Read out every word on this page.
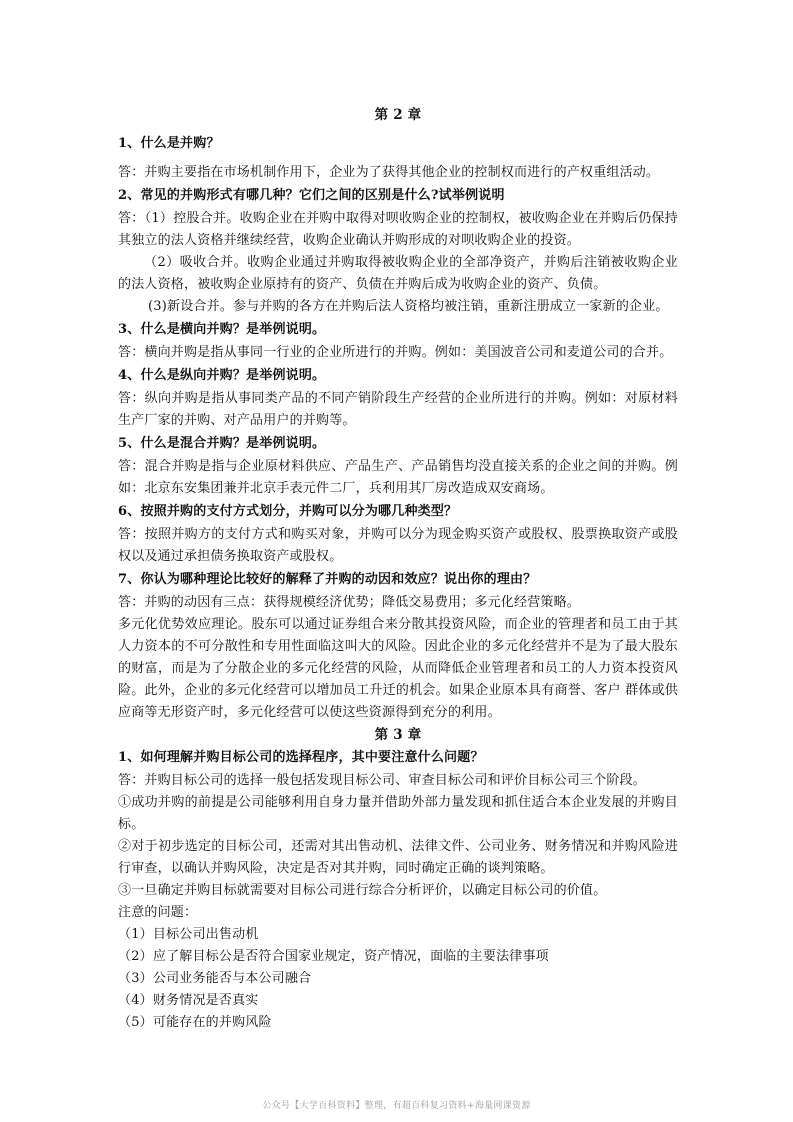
第 2 章

1、什么是并购？

答：并购主要指在市场机制作用下，企业为了获得其他企业的控制权而进行的产权重组活动。

2、常见的并购形式有哪几种？它们之间的区别是什么?试举例说明

答：（1）控股合并。收购企业在并购中取得对呗收购企业的控制权，被收购企业在并购后仍保持其独立的法人资格并继续经营，收购企业确认并购形成的对呗收购企业的投资。

（2）吸收合并。收购企业通过并购取得被收购企业的全部净资产，并购后注销被收购企业的法人资格，被收购企业原持有的资产、负债在并购后成为收购企业的资产、负债。

(3)新设合并。参与并购的各方在并购后法人资格均被注销，重新注册成立一家新的企业。

3、什么是横向并购？是举例说明。

答：横向并购是指从事同一行业的企业所进行的并购。例如：美国波音公司和麦道公司的合并。

4、什么是纵向并购？是举例说明。

答：纵向并购是指从事同类产品的不同产销阶段生产经营的企业所进行的并购。例如：对原材料生产厂家的并购、对产品用户的并购等。

5、什么是混合并购？是举例说明。

答：混合并购是指与企业原材料供应、产品生产、产品销售均没直接关系的企业之间的并购。例如：北京东安集团兼并北京手表元件二厂，兵利用其厂房改造成双安商场。

6、按照并购的支付方式划分，并购可以分为哪几种类型？

答：按照并购方的支付方式和购买对象，并购可以分为现金购买资产或股权、股票换取资产或股权以及通过承担债务换取资产或股权。

7、你认为哪种理论比较好的解释了并购的动因和效应？说出你的理由？

答：并购的动因有三点：获得规模经济优势；降低交易费用；多元化经营策略。

多元化优势效应理论。股东可以通过证券组合来分散其投资风险，而企业的管理者和员工由于其人力资本的不可分散性和专用性面临这叫大的风险。因此企业的多元化经营并不是为了最大股东的财富，而是为了分散企业的多元化经营的风险，从而降低企业管理者和员工的人力资本投资风险。此外，企业的多元化经营可以增加员工升迁的机会。如果企业原本具有商誉、客户 群体或供应商等无形资产时，多元化经营可以使这些资源得到充分的利用。

第 3 章

1、如何理解并购目标公司的选择程序，其中要注意什么问题？

答：并购目标公司的选择一般包括发现目标公司、审查目标公司和评价目标公司三个阶段。

①成功并购的前提是公司能够利用自身力量并借助外部力量发现和抓住适合本企业发展的并购目标。

②对于初步选定的目标公司，还需对其出售动机、法律文件、公司业务、财务情况和并购风险进行审查，以确认并购风险，决定是否对其并购，同时确定正确的谈判策略。

③一旦确定并购目标就需要对目标公司进行综合分析评价，以确定目标公司的价值。

注意的问题：

（1）目标公司出售动机

（2）应了解目标公是否符合国家业规定，资产情况，面临的主要法律事项

（3）公司业务能否与本公司融合

（4）财务情况是否真实

（5）可能存在的并购风险

公众号【大学百科资料】整理，有超百科复习资料+海量网课资源
